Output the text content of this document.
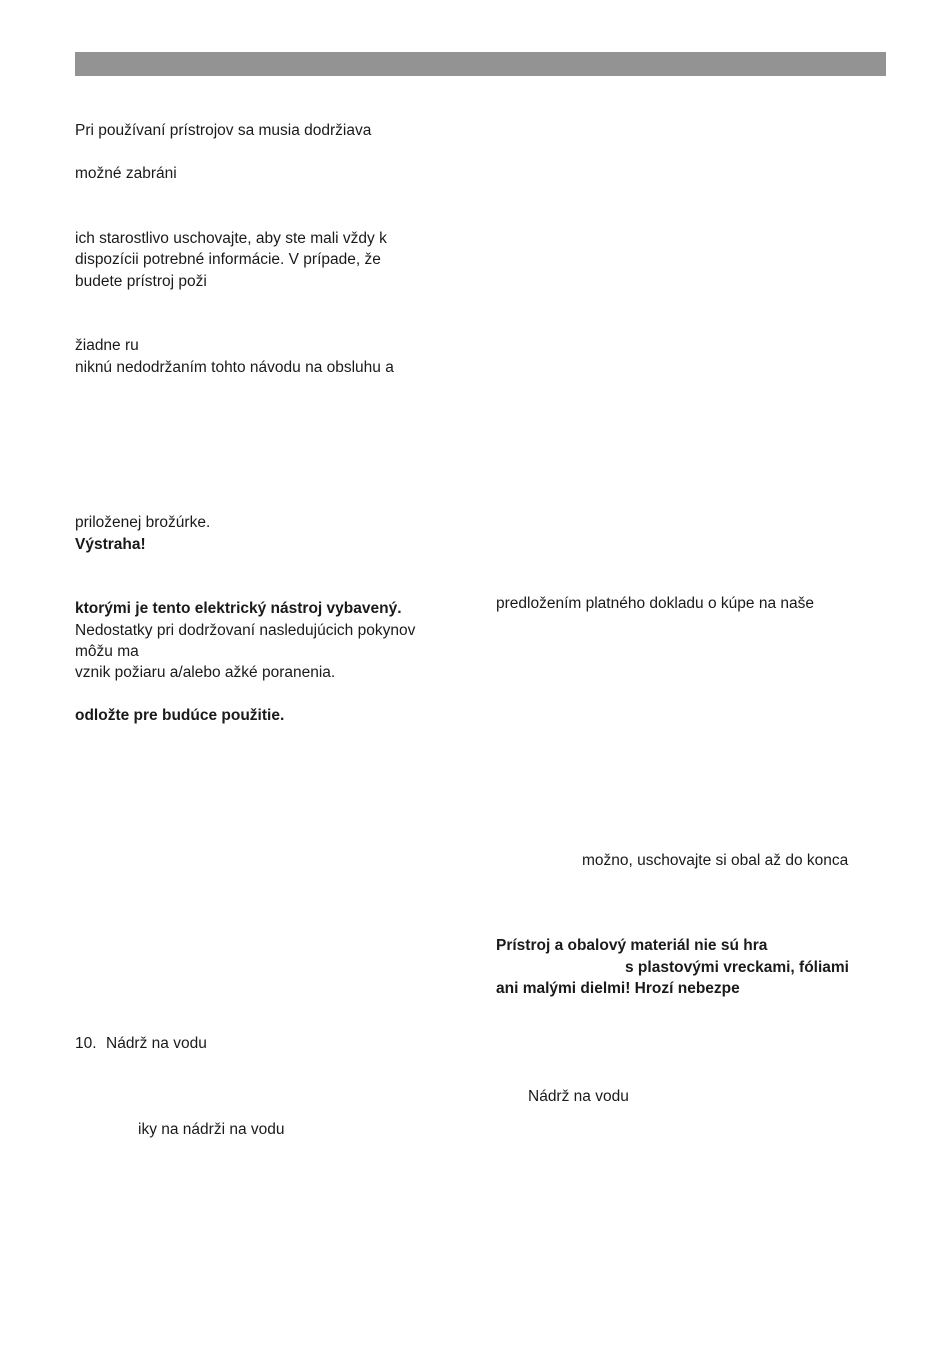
Pri používaní prístrojov sa musia dodržiava

možné zabráni

ich starostlivo uschovajte, aby ste mali vždy k

dispozícii potrebné informácie. V prípade, že

budete prístroj poži

žiadne ru

niknú nedodržaním tohto návodu na obsluhu a

priloženej brožúrke.

Výstraha!

ktorými je tento elektrický nástroj vybavený.

Nedostatky pri dodržovaní nasledujúcich pokynov

môžu ma

vznik požiaru a/alebo ažké poranenia.

odložte pre budúce použitie.

10. Nádrž na vodu

iky na nádrži na vodu

predložením platného dokladu o kúpe na naše

možno, uschovajte si obal až do konca

Prístroj a obalový materiál nie sú hra

s plastovými vreckami, fóliami

ani malými dielmi! Hrozí nebezpe

Nádrž na vodu
